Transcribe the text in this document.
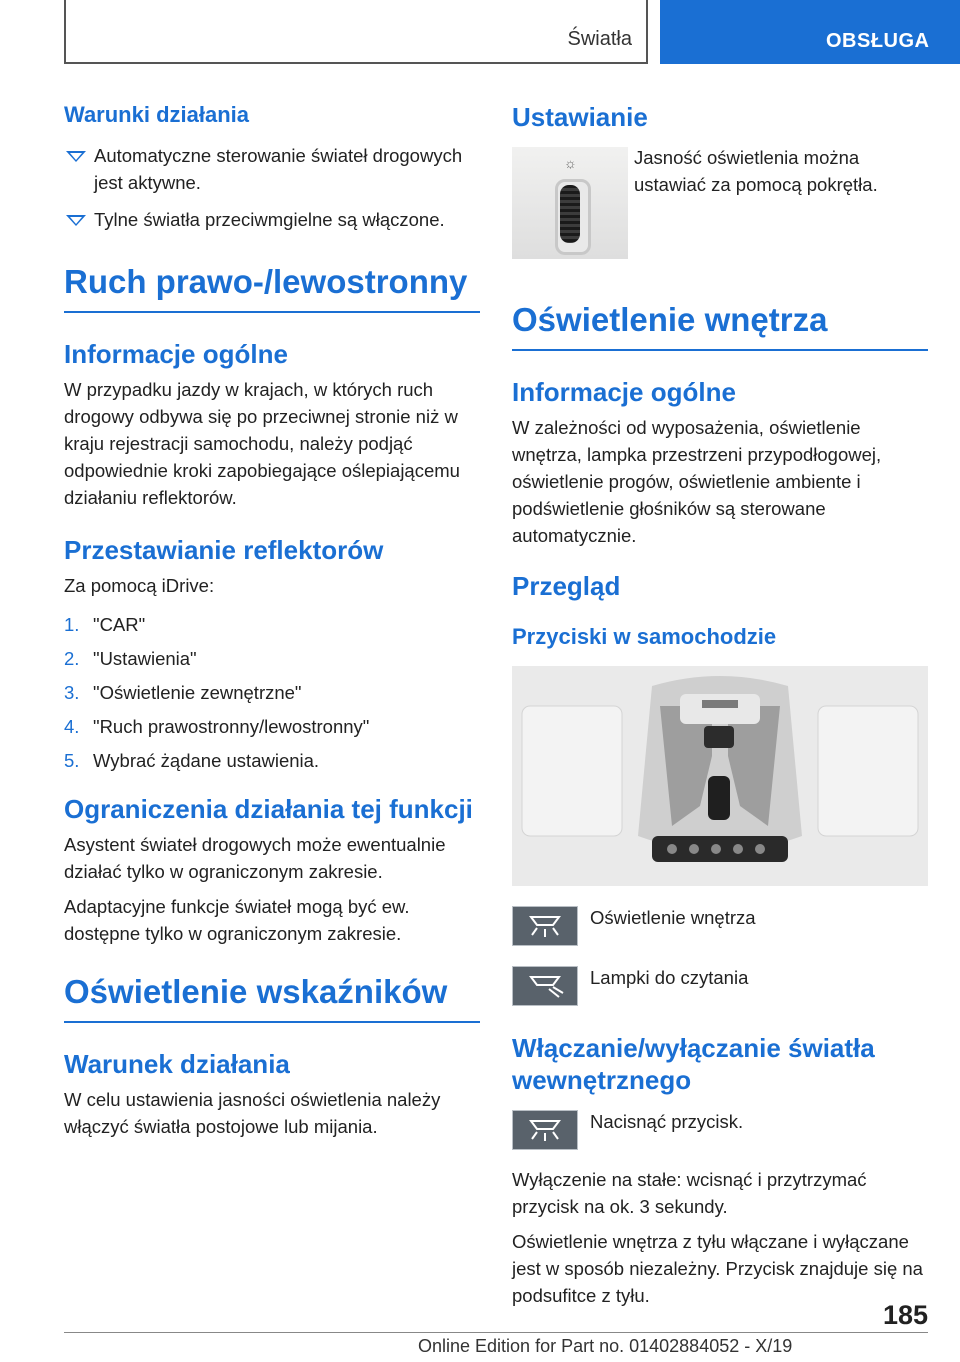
Światła	OBSŁUGA
Warunki działania
Automatyczne sterowanie świateł drogowych jest aktywne.
Tylne światła przeciwmgielne są włączone.
Ruch prawo-/lewostronny
Informacje ogólne

W przypadku jazdy w krajach, w których ruch drogowy odbywa się po przeciwnej stronie niż w kraju rejestracji samochodu, należy podjąć odpowiednie kroki zapobiegające oślepiającemu działaniu reflektorów.

Przestawianie reflektorów

Za pomocą iDrive:

1. "CAR"
2. "Ustawienia"
3. "Oświetlenie zewnętrzne"
4. "Ruch prawostronny/lewostronny"
5. Wybrać żądane ustawienia.
Ograniczenia działania tej funkcji

Asystent świateł drogowych może ewentualnie działać tylko w ograniczonym zakresie.

Adaptacyjne funkcje świateł mogą być ew. dostępne tylko w ograniczonym zakresie.

Oświetlenie wskaźników
Warunek działania

W celu ustawienia jasności oświetlenia należy włączyć światła postojowe lub mijania.

Ustawianie
☼	Jasność oświetlenia można ustawiać za pomocą pokrętła.

Oświetlenie wnętrza
Informacje ogólne

W zależności od wyposażenia, oświetlenie wnętrza, lampka przestrzeni przypodłogowej, oświetlenie progów, oświetlenie ambiente i podświetlenie głośników są sterowane automatycznie.

Przegląd
Przyciski w samochodzie
Oświetlenie wnętrza
Lampki do czytania
Włączanie/wyłączanie światła wewnętrznego
Nacisnąć przycisk.

Wyłączenie na stałe: wcisnąć i przytrzymać przycisk na ok. 3 sekundy.

Oświetlenie wnętrza z tyłu włączane i wyłączane jest w sposób niezależny. Przycisk znajduje się na podsufitce z tyłu.

185
Online Edition for Part no. 01402884052 - X/19
